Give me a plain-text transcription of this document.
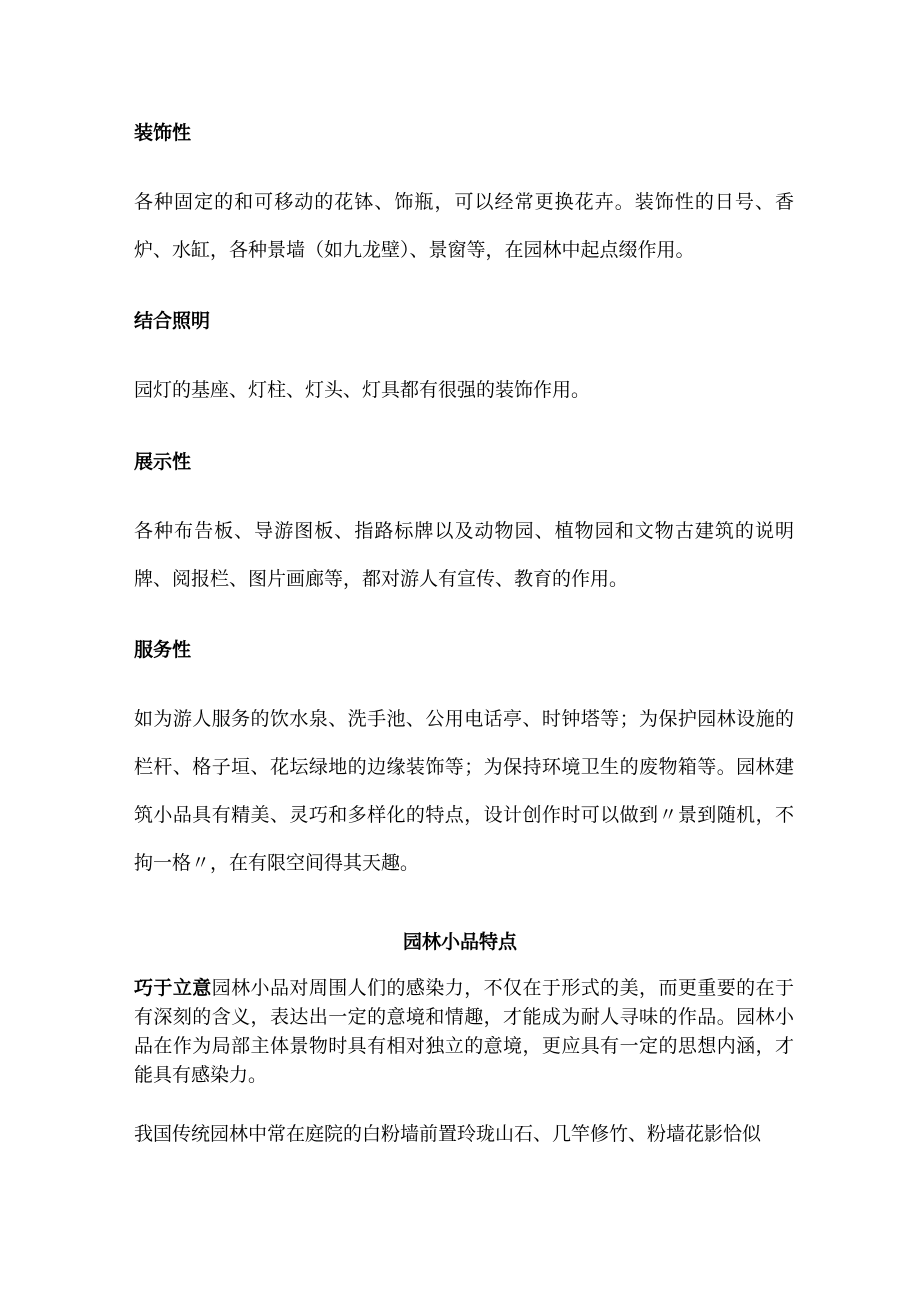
装饰性

各种固定的和可移动的花钵、饰瓶，可以经常更换花卉。装饰性的日号、香炉、水缸，各种景墙（如九龙壁）、景窗等，在园林中起点缀作用。

结合照明

园灯的基座、灯柱、灯头、灯具都有很强的装饰作用。

展示性

各种布告板、导游图板、指路标牌以及动物园、植物园和文物古建筑的说明牌、阅报栏、图片画廊等，都对游人有宣传、教育的作用。

服务性

如为游人服务的饮水泉、洗手池、公用电话亭、时钟塔等；为保护园林设施的栏杆、格子垣、花坛绿地的边缘装饰等；为保持环境卫生的废物箱等。园林建筑小品具有精美、灵巧和多样化的特点，设计创作时可以做到〃景到随机，不拘一格〃，在有限空间得其天趣。

园林小品特点

巧于立意园林小品对周围人们的感染力，不仅在于形式的美，而更重要的在于有深刻的含义，表达出一定的意境和情趣，才能成为耐人寻味的作品。园林小品在作为局部主体景物时具有相对独立的意境，更应具有一定的思想内涵，才能具有感染力。

我国传统园林中常在庭院的白粉墙前置玲珑山石、几竿修竹、粉墙花影恰似
